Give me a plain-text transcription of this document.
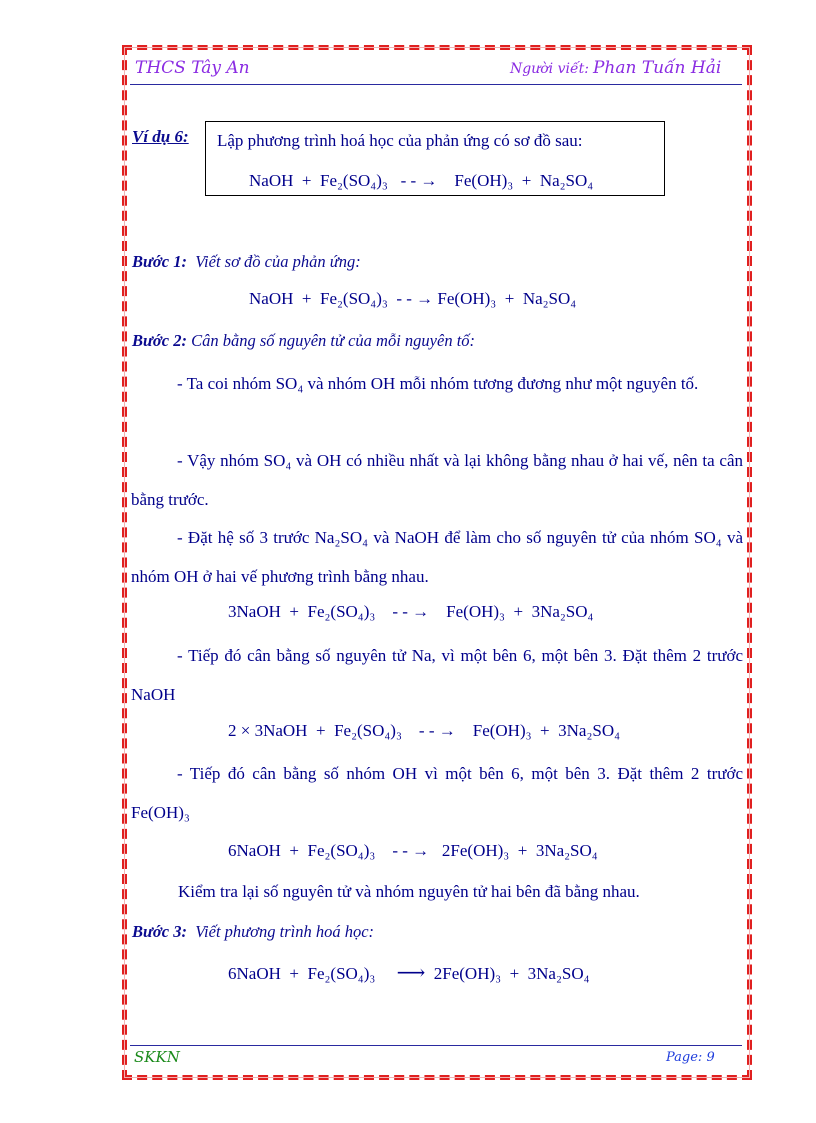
THCS Tây An	Người viết: Phan Tuấn Hải
Ví dụ 6: Lập phương trình hoá học của phản ứng có sơ đồ sau:
NaOH  +  Fe₂(SO₄)₃ - - → Fe(OH)₃  +  Na₂SO₄
Bước 1: Viết sơ đồ của phản ứng:
NaOH  +  Fe₂(SO₄)₃ - - → Fe(OH)₃  +  Na₂SO₄
Bước 2: Cân bằng số nguyên tử của mỗi nguyên tố:
- Ta coi nhóm SO₄ và nhóm OH mỗi nhóm tương đương như một nguyên tố.
- Vậy nhóm SO₄ và OH có nhiều nhất và lại không bằng nhau ở hai vế, nên ta cân bằng trước.
- Đặt hệ số 3 trước Na₂SO₄ và NaOH để làm cho số nguyên tử của nhóm SO₄ và nhóm OH ở hai vế phương trình bằng nhau.
3NaOH  +  Fe₂(SO₄)₃ - - → Fe(OH)₃  +  3Na₂SO₄
- Tiếp đó cân bằng số nguyên tử Na, vì một bên 6, một bên 3. Đặt thêm 2 trước NaOH
2 × 3NaOH  +  Fe₂(SO₄)₃ - - → Fe(OH)₃  +  3Na₂SO₄
- Tiếp đó cân bằng số nhóm OH vì một bên 6, một bên 3. Đặt thêm 2 trước Fe(OH)₃
6NaOH  +  Fe₂(SO₄)₃ - - → 2Fe(OH)₃  +  3Na₂SO₄
Kiểm tra lại số nguyên tử và nhóm nguyên tử hai bên đã bằng nhau.
Bước 3: Viết phương trình hoá học:
6NaOH  +  Fe₂(SO₄)₃ ⟶ 2Fe(OH)₃  +  3Na₂SO₄
SKKN	Page: 9
